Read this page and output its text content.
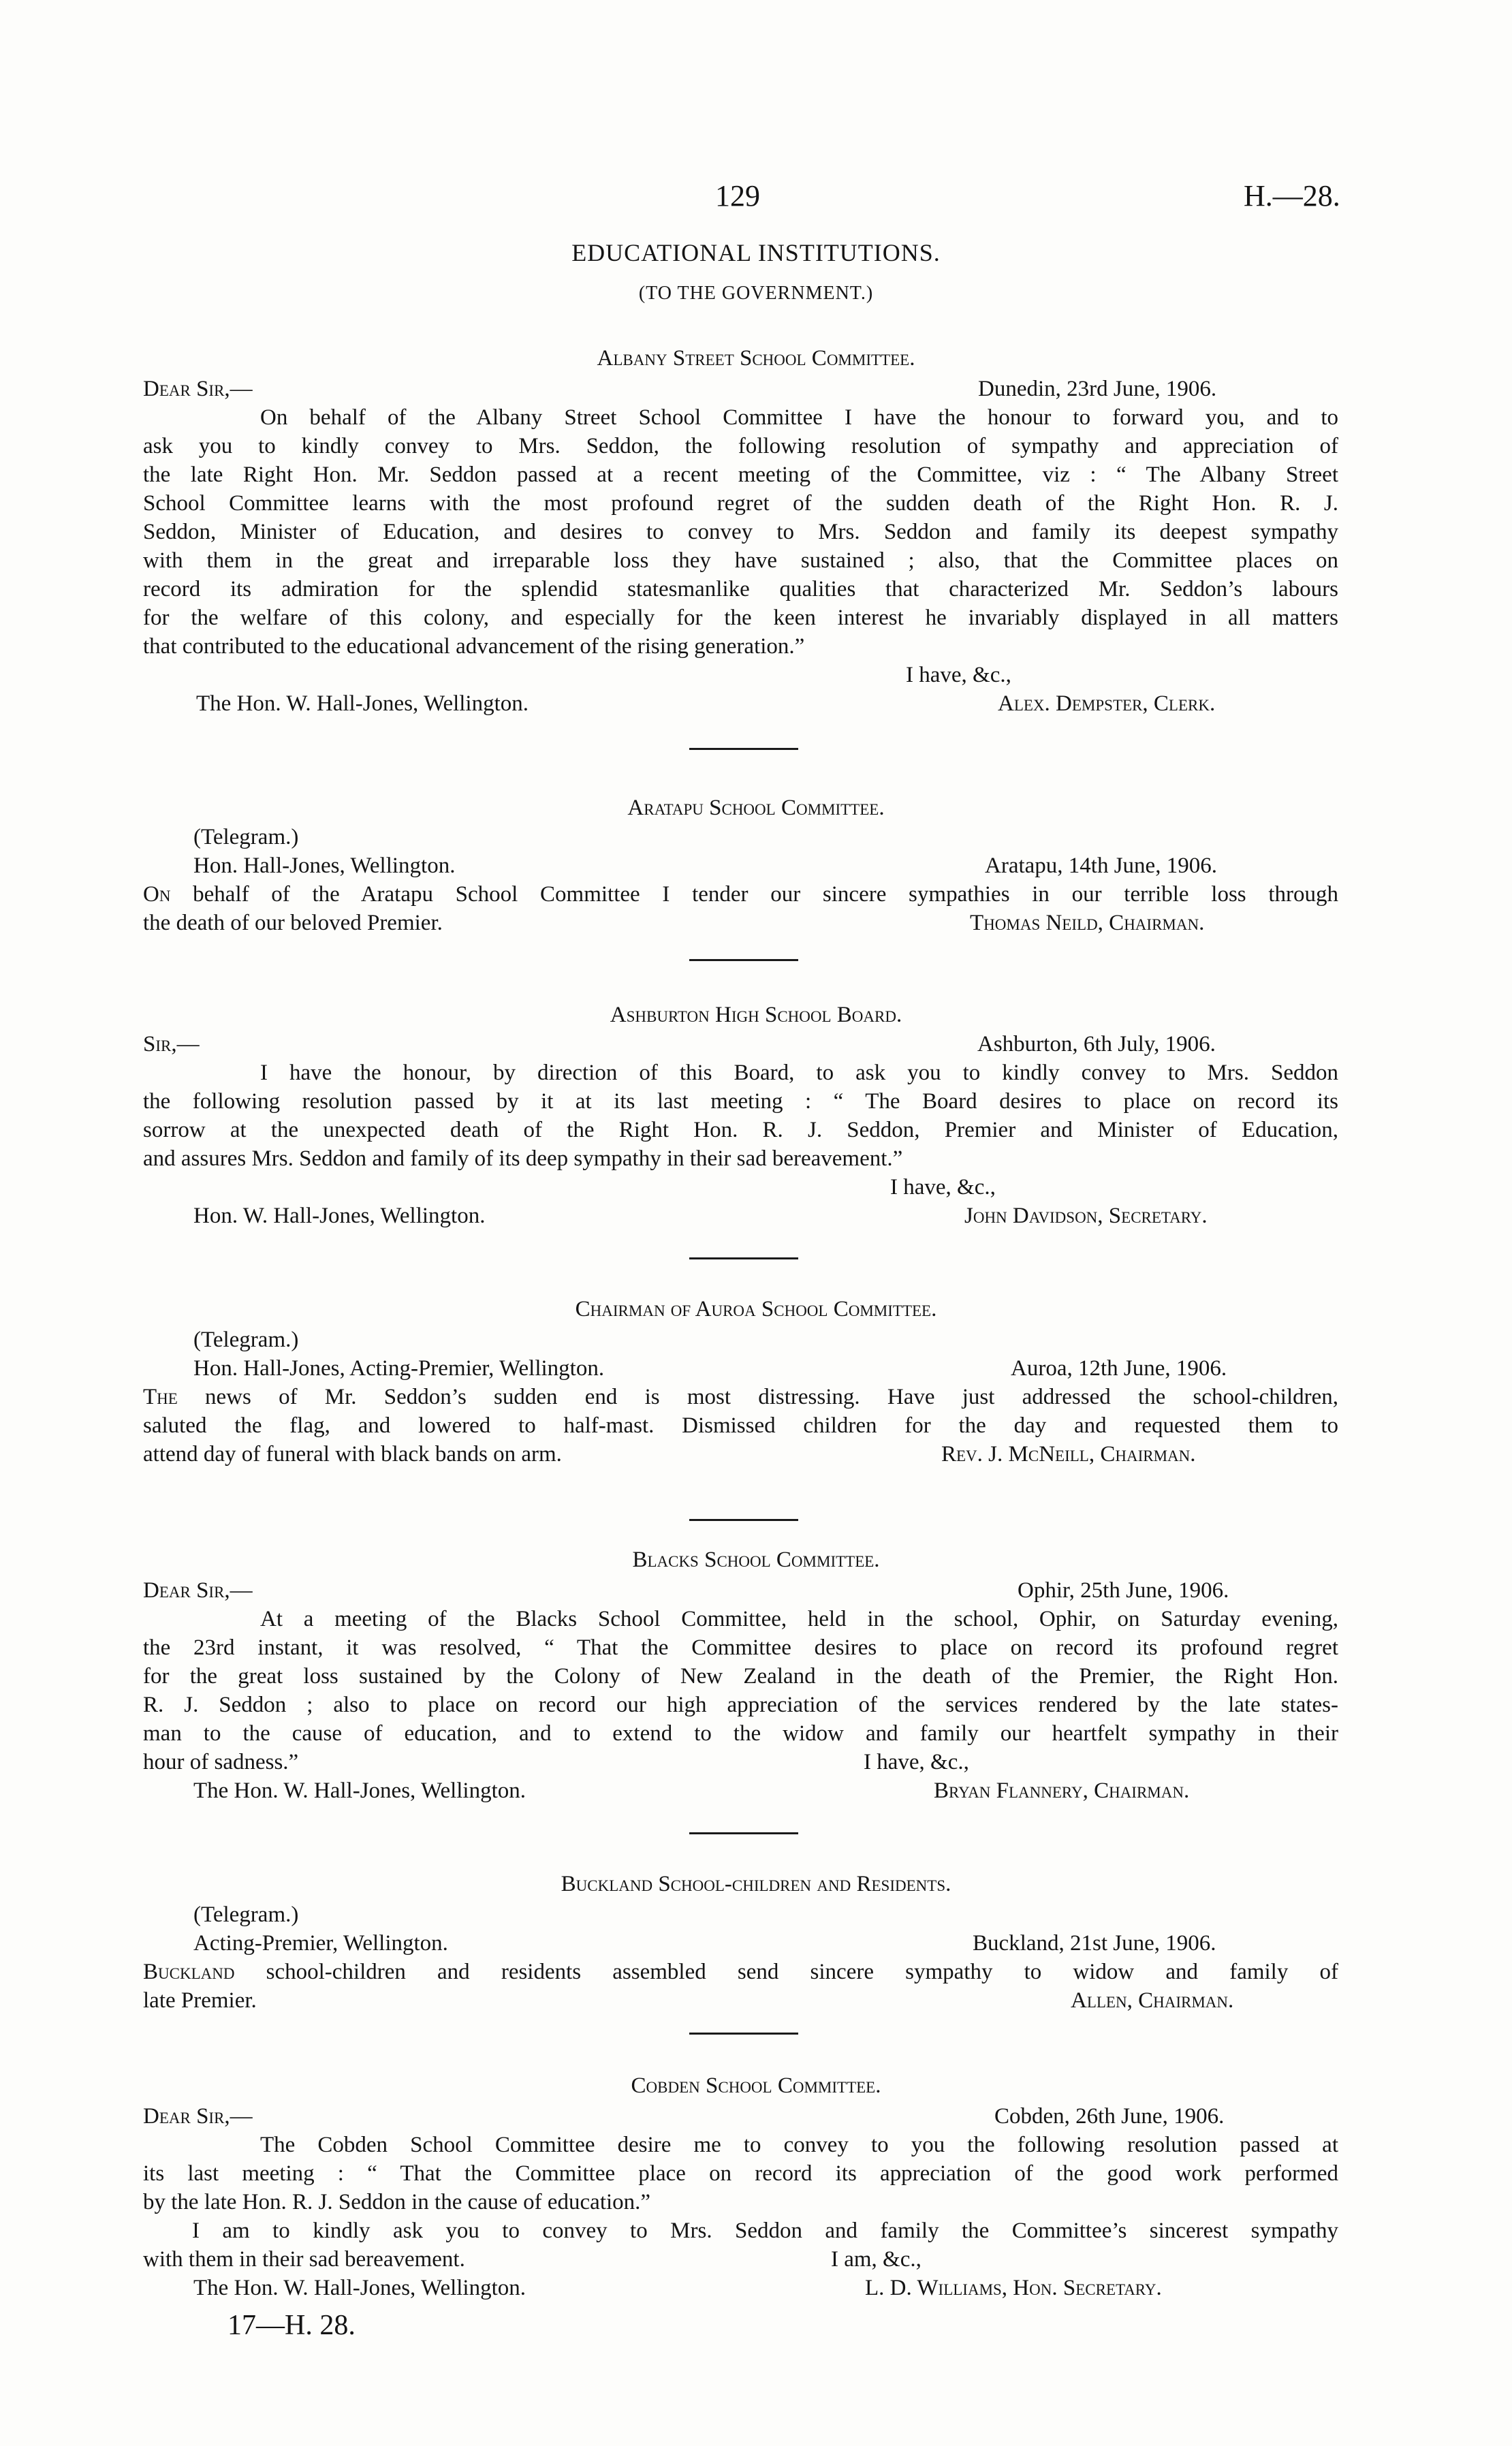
129	H.—28.
EDUCATIONAL INSTITUTIONS.
(TO THE GOVERNMENT.)
Albany Street School Committee.
Dear Sir,—	Dunedin, 23rd June, 1906.

On behalf of the Albany Street School Committee I have the honour to forward you, and to

ask you to kindly convey to Mrs. Seddon, the following resolution of sympathy and appreciation of

the late Right Hon. Mr. Seddon passed at a recent meeting of the Committee, viz : “ The Albany Street

School Committee learns with the most profound regret of the sudden death of the Right Hon. R. J.

Seddon, Minister of Education, and desires to convey to Mrs. Seddon and family its deepest sympathy

with them in the great and irreparable loss they have sustained ; also, that the Committee places on

record its admiration for the splendid statesmanlike qualities that characterized Mr. Seddon’s labours

for the welfare of this colony, and especially for the keen interest he invariably displayed in all matters

that contributed to the educational advancement of the rising generation.”

I have, &c.,
The Hon. W. Hall-Jones, Wellington.	Alex. Dempster, Clerk.
Aratapu School Committee.
(Telegram.)
Hon. Hall-Jones, Wellington.	Aratapu, 14th June, 1906.

On behalf of the Aratapu School Committee I tender our sincere sympathies in our terrible loss through

the death of our beloved Premier.	Thomas Neild, Chairman.
Ashburton High School Board.
Sir,—	Ashburton, 6th July, 1906.

I have the honour, by direction of this Board, to ask you to kindly convey to Mrs. Seddon

the following resolution passed by it at its last meeting : “ The Board desires to place on record its

sorrow at the unexpected death of the Right Hon. R. J. Seddon, Premier and Minister of Education,

and assures Mrs. Seddon and family of its deep sympathy in their sad bereavement.”

I have, &c.,
Hon. W. Hall-Jones, Wellington.	John Davidson, Secretary.
Chairman of Auroa School Committee.
(Telegram.)
Hon. Hall-Jones, Acting-Premier, Wellington.	Auroa, 12th June, 1906.

The news of Mr. Seddon’s sudden end is most distressing. Have just addressed the school-children,

saluted the flag, and lowered to half-mast. Dismissed children for the day and requested them to

attend day of funeral with black bands on arm.	Rev. J. McNeill, Chairman.
Blacks School Committee.
Dear Sir,—	Ophir, 25th June, 1906.

At a meeting of the Blacks School Committee, held in the school, Ophir, on Saturday evening,

the 23rd instant, it was resolved, “ That the Committee desires to place on record its profound regret

for the great loss sustained by the Colony of New Zealand in the death of the Premier, the Right Hon.

R. J. Seddon ; also to place on record our high appreciation of the services rendered by the late states-

man to the cause of education, and to extend to the widow and family our heartfelt sympathy in their

hour of sadness.”	I have, &c.,
The Hon. W. Hall-Jones, Wellington.	Bryan Flannery, Chairman.
Buckland School-children and Residents.
(Telegram.)
Acting-Premier, Wellington.	Buckland, 21st June, 1906.

Buckland school-children and residents assembled send sincere sympathy to widow and family of

late Premier.	Allen, Chairman.
Cobden School Committee.
Dear Sir,—	Cobden, 26th June, 1906.

The Cobden School Committee desire me to convey to you the following resolution passed at

its last meeting : “ That the Committee place on record its appreciation of the good work performed

by the late Hon. R. J. Seddon in the cause of education.”

I am to kindly ask you to convey to Mrs. Seddon and family the Committee’s sincerest sympathy

with them in their sad bereavement.	I am, &c.,
The Hon. W. Hall-Jones, Wellington.	L. D. Williams, Hon. Secretary.
17—H. 28.
